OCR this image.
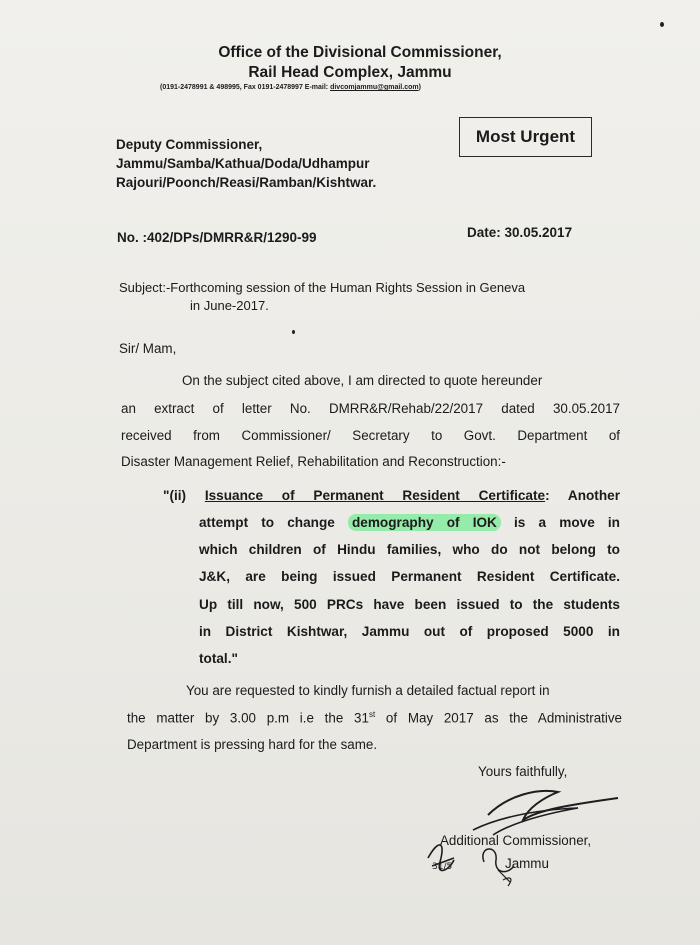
Office of the Divisional Commissioner,
Rail Head Complex, Jammu
(0191-2478991 & 498995, Fax 0191-2478997 E-mail: divcomjammu@gmail.com)
Deputy Commissioner,
Jammu/Samba/Kathua/Doda/Udhampur
Rajouri/Poonch/Reasi/Ramban/Kishtwar.
Most Urgent
No. :402/DPs/DMRR&R/1290-99	Date: 30.05.2017
Subject:-Forthcoming session of the Human Rights Session in Geneva
in June-2017.
Sir/ Mam,
On the subject cited above, I am directed to quote hereunder
an extract of letter No. DMRR&R/Rehab/22/2017 dated 30.05.2017
received from Commissioner/ Secretary to Govt. Department of
Disaster Management Relief, Rehabilitation and Reconstruction:-
"(ii) Issuance of Permanent Resident Certificate: Another
attempt to change demography of IOK is a move in
which children of Hindu families, who do not belong to
J&K, are being issued Permanent Resident Certificate.
Up till now, 500 PRCs have been issued to the students
in District Kishtwar, Jammu out of proposed 5000 in
total."
You are requested to kindly furnish a detailed factual report in
the matter by 3.00 p.m i.e the 31st of May 2017 as the Administrative
Department is pressing hard for the same.
Yours faithfully,
31/5
Additional Commissioner,
Jammu
